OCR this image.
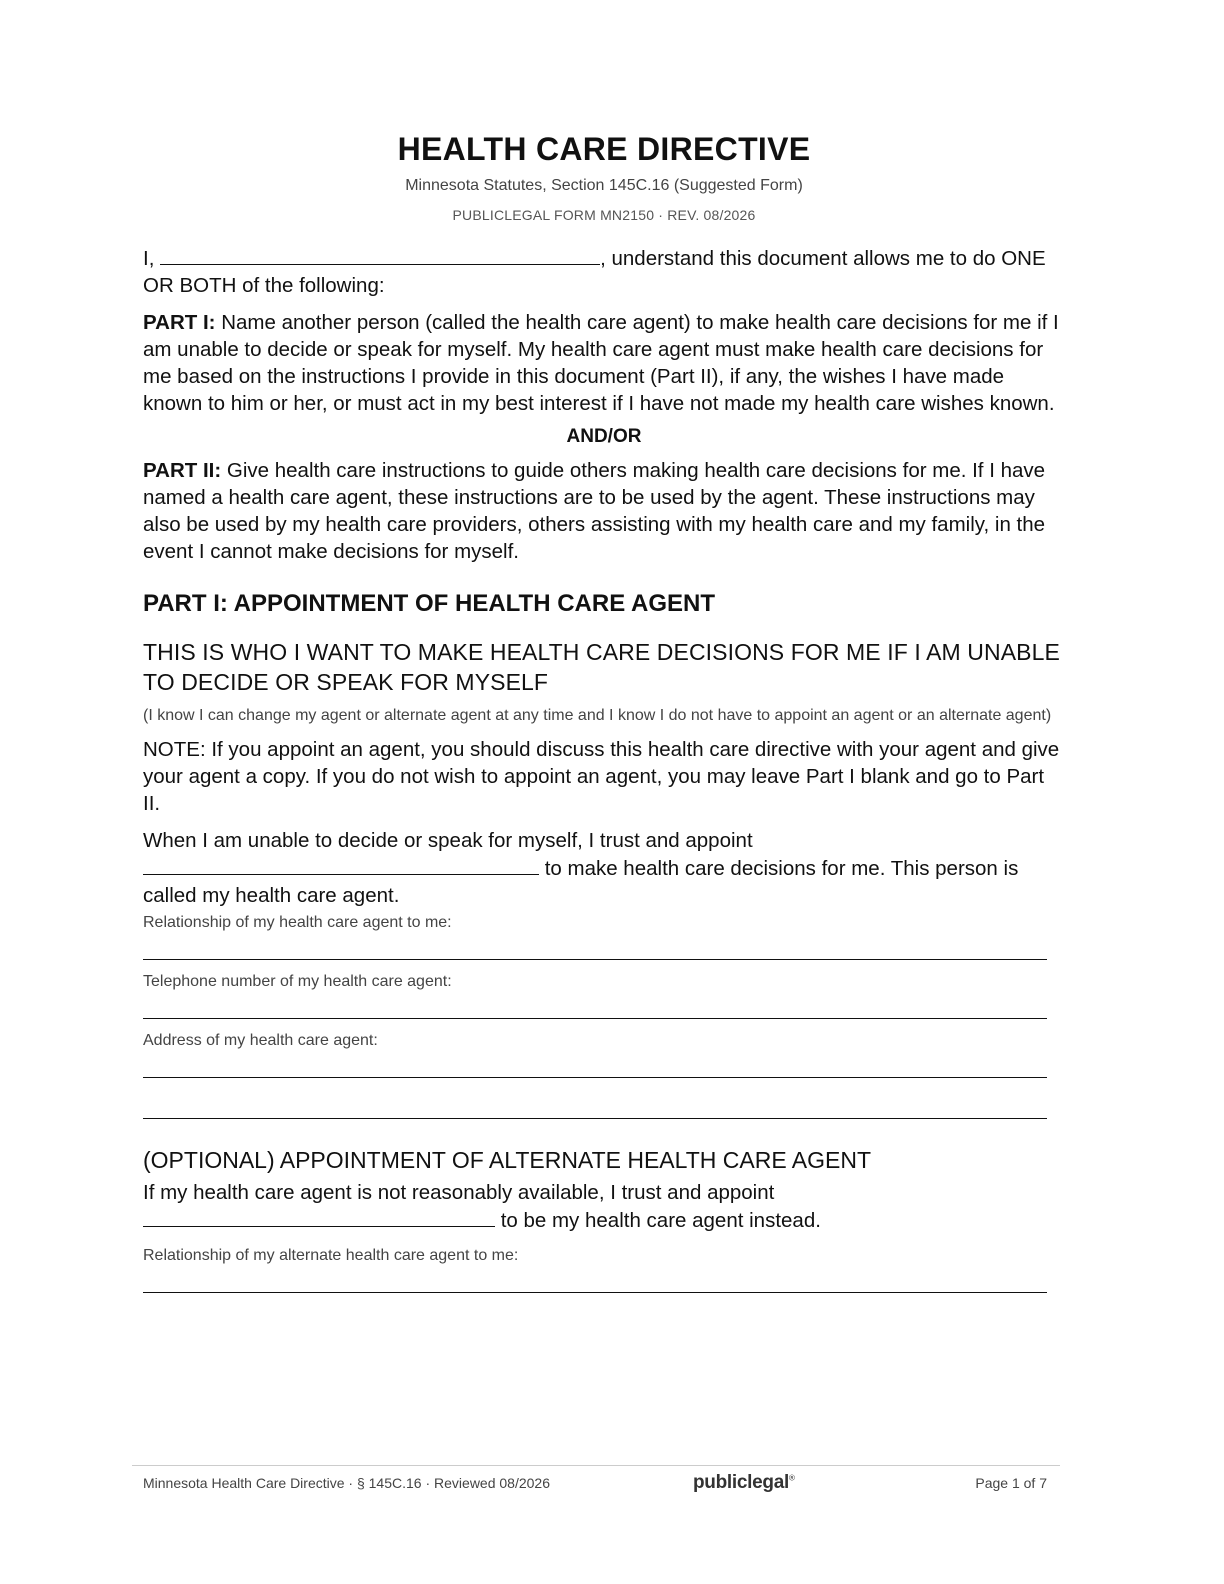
HEALTH CARE DIRECTIVE
Minnesota Statutes, Section 145C.16 (Suggested Form)
PUBLICLEGAL FORM MN2150 · REV. 08/2026

I,	, understand this document allows me to do ONE OR BOTH of the following:

PART I: Name another person (called the health care agent) to make health care decisions for me if I am unable to decide or speak for myself. My health care agent must make health care decisions for me based on the instructions I provide in this document (Part II), if any, the wishes I have made known to him or her, or must act in my best interest if I have not made my health care wishes known.

AND/OR

PART II: Give health care instructions to guide others making health care decisions for me. If I have named a health care agent, these instructions are to be used by the agent. These instructions may also be used by my health care providers, others assisting with my health care and my family, in the event I cannot make decisions for myself.

PART I: APPOINTMENT OF HEALTH CARE AGENT
THIS IS WHO I WANT TO MAKE HEALTH CARE DECISIONS FOR ME IF I AM UNABLE TO DECIDE OR SPEAK FOR MYSELF
(I know I can change my agent or alternate agent at any time and I know I do not have to appoint an agent or an alternate agent)

NOTE: If you appoint an agent, you should discuss this health care directive with your agent and give your agent a copy. If you do not wish to appoint an agent, you may leave Part I blank and go to Part II.

When I am unable to decide or speak for myself, I trust and appoint
to make health care decisions for me. This person is called my health care agent.

Relationship of my health care agent to me:
Telephone number of my health care agent:
Address of my health care agent:
(OPTIONAL) APPOINTMENT OF ALTERNATE HEALTH CARE AGENT

If my health care agent is not reasonably available, I trust and appoint
to be my health care agent instead.

Relationship of my alternate health care agent to me:
Minnesota Health Care Directive · § 145C.16 · Reviewed 08/2026	publiclegal®	Page 1 of 7
